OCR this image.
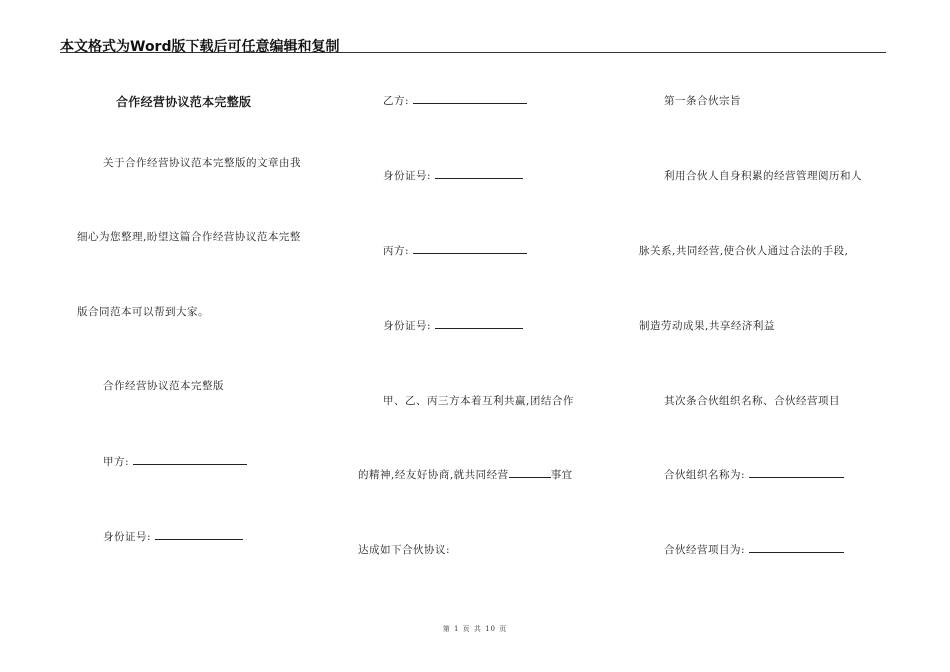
本文格式为Word版下载后可任意编辑和复制
合作经营协议范本完整版
关于合作经营协议范本完整版的文章由我
细心为您整理,盼望这篇合作经营协议范本完整
版合同范本可以帮到大家。
合作经营协议范本完整版
甲方:
身份证号:
乙方:
身份证号:
丙方:
身份证号:
甲、乙、丙三方本着互利共赢,团结合作
的精神,经友好协商,就共同经营	事宜
达成如下合伙协议:
第一条合伙宗旨
利用合伙人自身积累的经营管理阅历和人
脉关系,共同经营,使合伙人通过合法的手段,
制造劳动成果,共享经济利益
其次条合伙组织名称、合伙经营项目
合伙组织名称为:
合伙经营项目为:
第 1 页 共 10 页
